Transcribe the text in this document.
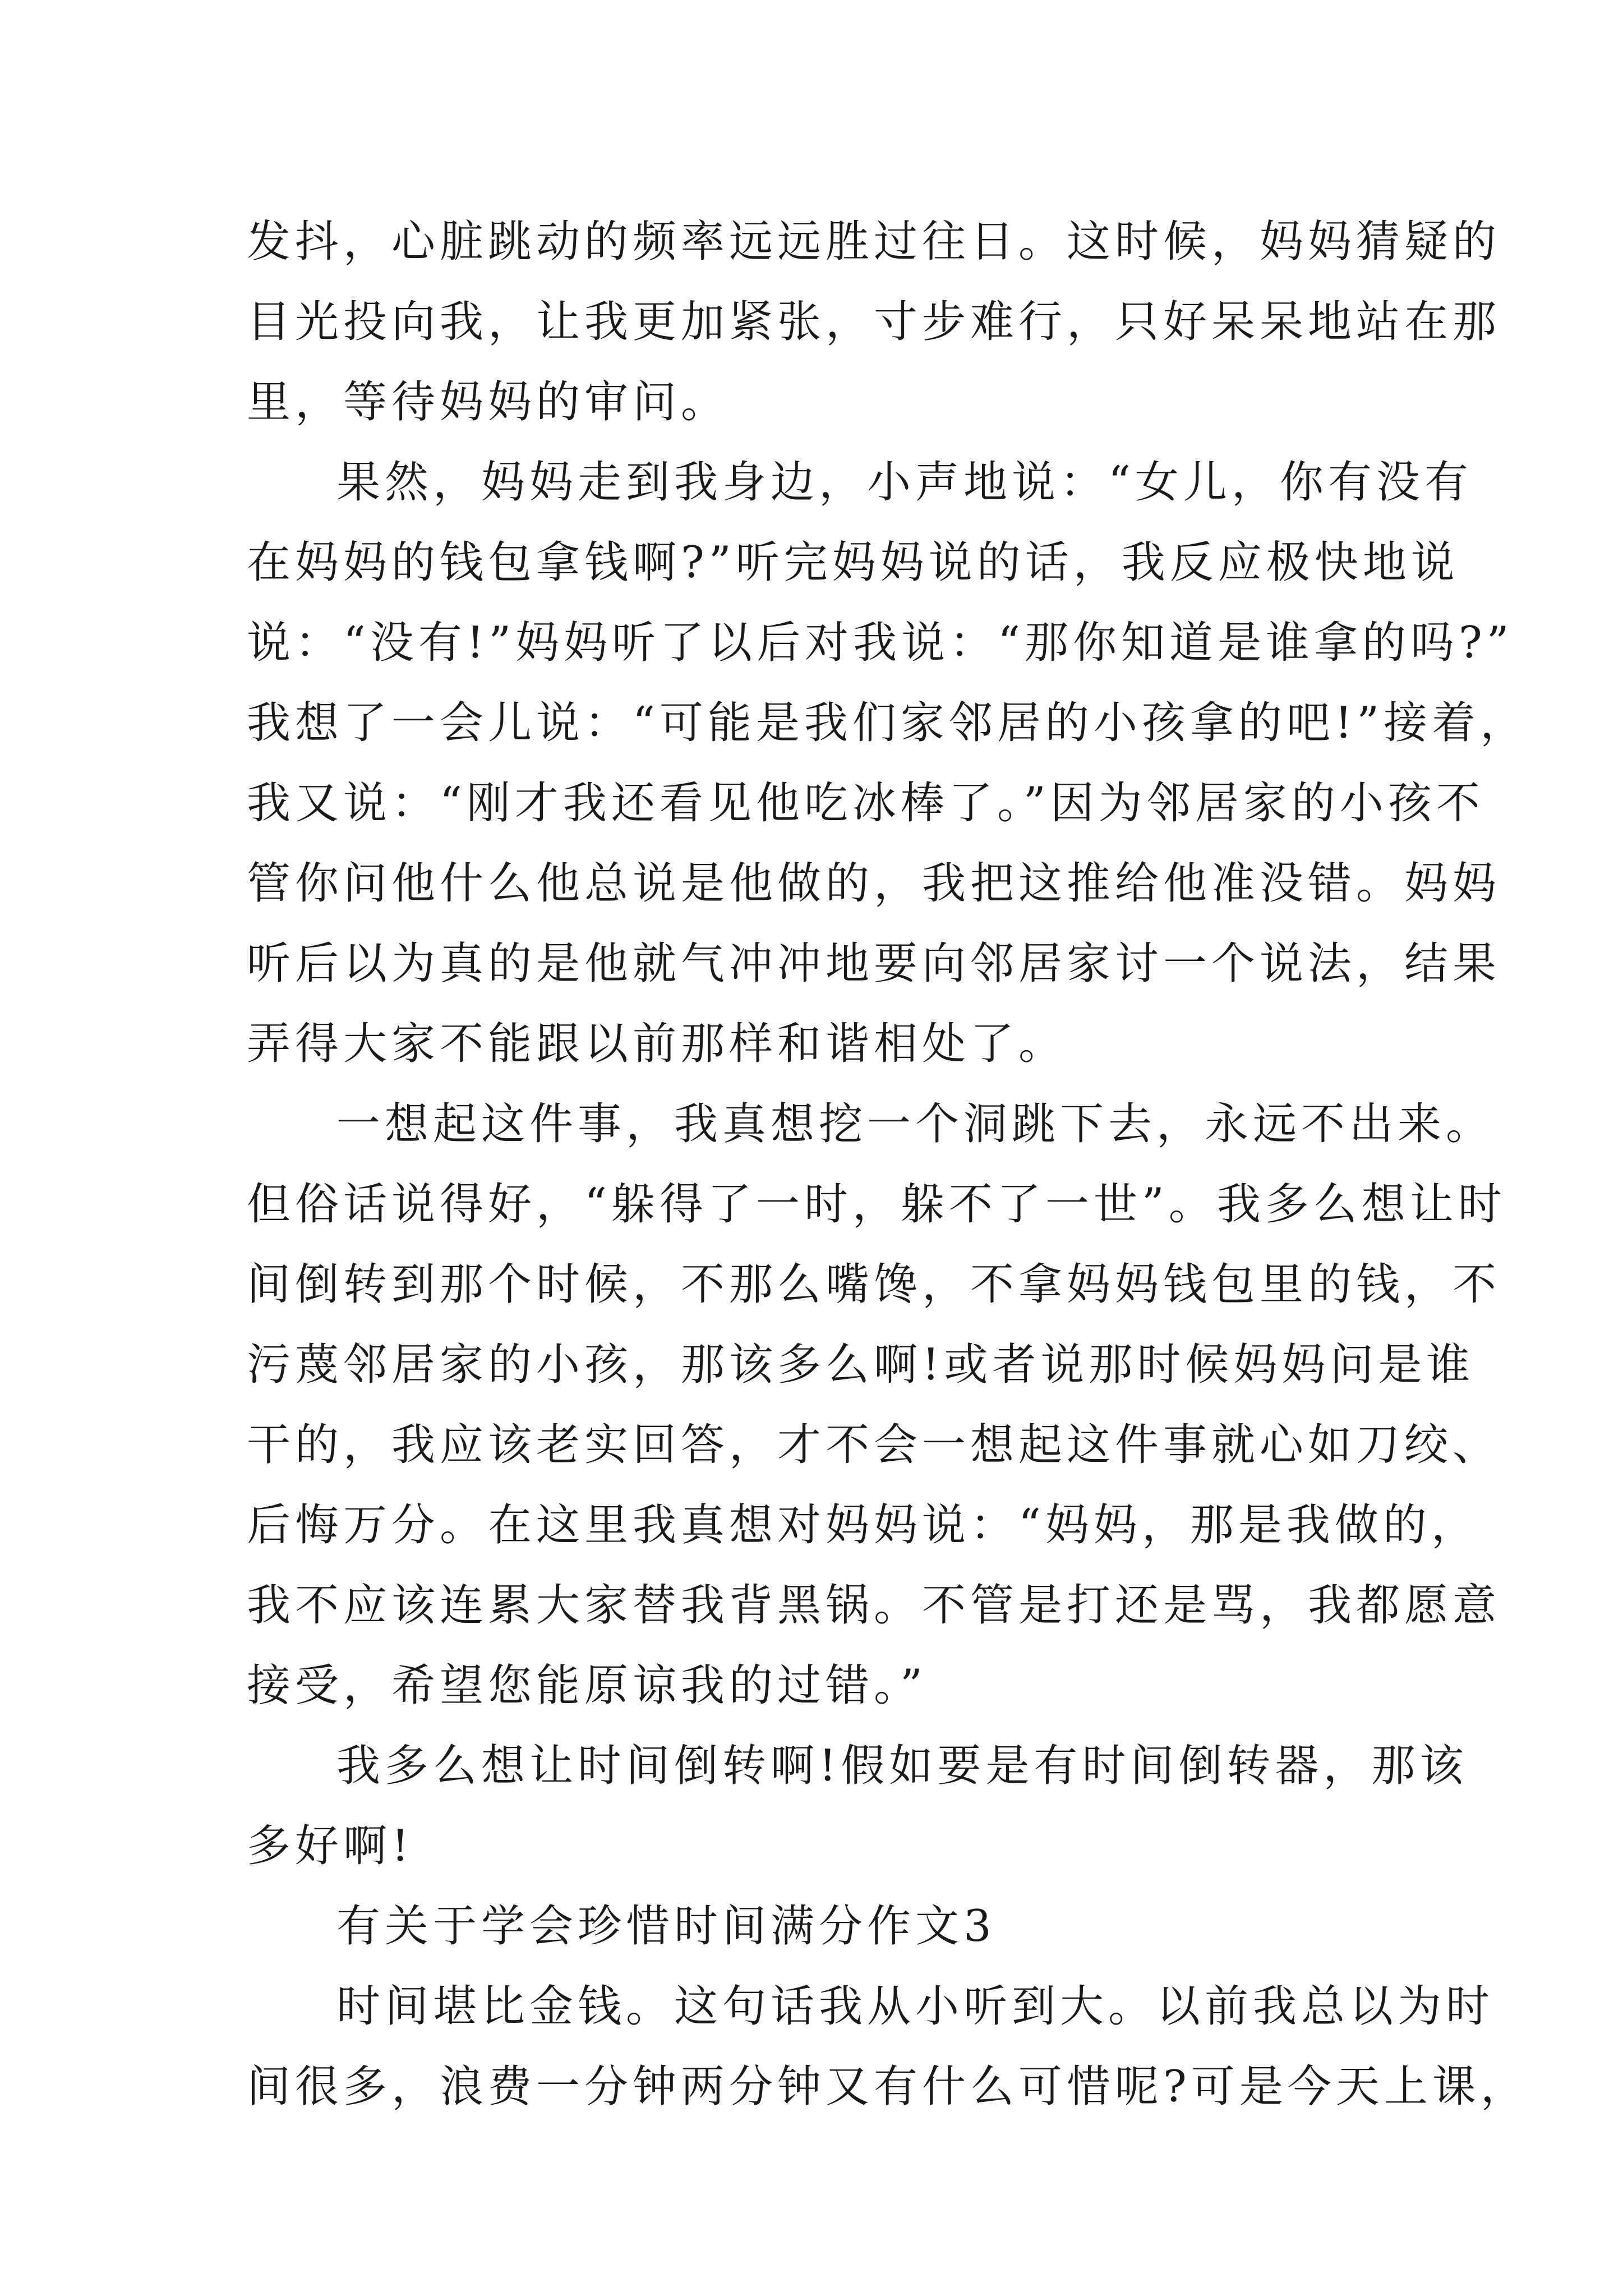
发抖，心脏跳动的频率远远胜过往日。这时候，妈妈猜疑的
目光投向我，让我更加紧张，寸步难行，只好呆呆地站在那
里，等待妈妈的审问。
果然，妈妈走到我身边，小声地说：“女儿，你有没有
在妈妈的钱包拿钱啊?”听完妈妈说的话，我反应极快地说
说：“没有!”妈妈听了以后对我说：“那你知道是谁拿的吗?”
我想了一会儿说：“可能是我们家邻居的小孩拿的吧!”接着，
我又说：“刚才我还看见他吃冰棒了。”因为邻居家的小孩不
管你问他什么他总说是他做的，我把这推给他准没错。妈妈
听后以为真的是他就气冲冲地要向邻居家讨一个说法，结果
弄得大家不能跟以前那样和谐相处了。
一想起这件事，我真想挖一个洞跳下去，永远不出来。
但俗话说得好，“躲得了一时，躲不了一世”。我多么想让时
间倒转到那个时候，不那么嘴馋，不拿妈妈钱包里的钱，不
污蔑邻居家的小孩，那该多么啊!或者说那时候妈妈问是谁
干的，我应该老实回答，才不会一想起这件事就心如刀绞、
后悔万分。在这里我真想对妈妈说：“妈妈，那是我做的，
我不应该连累大家替我背黑锅。不管是打还是骂，我都愿意
接受，希望您能原谅我的过错。”
我多么想让时间倒转啊!假如要是有时间倒转器，那该
多好啊!
有关于学会珍惜时间满分作文3
时间堪比金钱。这句话我从小听到大。以前我总以为时
间很多，浪费一分钟两分钟又有什么可惜呢?可是今天上课，
